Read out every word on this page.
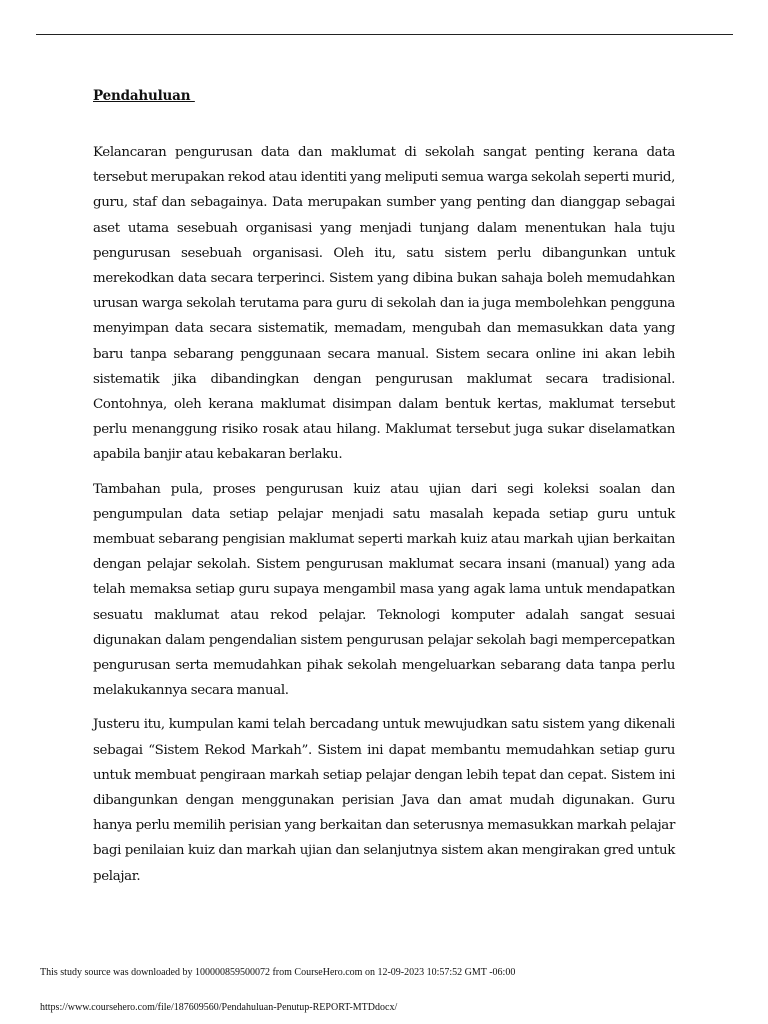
Pendahuluan

Kelancaran pengurusan data dan maklumat di sekolah sangat penting kerana data tersebut merupakan rekod atau identiti yang meliputi semua warga sekolah seperti murid, guru, staf dan sebagainya. Data merupakan sumber yang penting dan dianggap sebagai aset utama sesebuah organisasi yang menjadi tunjang dalam menentukan hala tuju pengurusan sesebuah organisasi. Oleh itu, satu sistem perlu dibangunkan untuk merekodkan data secara terperinci. Sistem yang dibina bukan sahaja boleh memudahkan urusan warga sekolah terutama para guru di sekolah dan ia juga membolehkan pengguna menyimpan data secara sistematik, memadam, mengubah dan memasukkan data yang baru tanpa sebarang penggunaan secara manual. Sistem secara online ini akan lebih sistematik jika dibandingkan dengan pengurusan maklumat secara tradisional. Contohnya, oleh kerana maklumat disimpan dalam bentuk kertas, maklumat tersebut perlu menanggung risiko rosak atau hilang. Maklumat tersebut juga sukar diselamatkan apabila banjir atau kebakaran berlaku.

Tambahan pula, proses pengurusan kuiz atau ujian dari segi koleksi soalan dan pengumpulan data setiap pelajar menjadi satu masalah kepada setiap guru untuk membuat sebarang pengisian maklumat seperti markah kuiz atau markah ujian berkaitan dengan pelajar sekolah. Sistem pengurusan maklumat secara insani (manual) yang ada telah memaksa setiap guru supaya mengambil masa yang agak lama untuk mendapatkan sesuatu maklumat atau rekod pelajar. Teknologi komputer adalah sangat sesuai digunakan dalam pengendalian sistem pengurusan pelajar sekolah bagi mempercepatkan pengurusan serta memudahkan pihak sekolah mengeluarkan sebarang data tanpa perlu melakukannya secara manual.

Justeru itu, kumpulan kami telah bercadang untuk mewujudkan satu sistem yang dikenali sebagai “Sistem Rekod Markah”. Sistem ini dapat membantu memudahkan setiap guru untuk membuat pengiraan markah setiap pelajar dengan lebih tepat dan cepat. Sistem ini dibangunkan dengan menggunakan perisian Java dan amat mudah digunakan. Guru hanya perlu memilih perisian yang berkaitan dan seterusnya memasukkan markah pelajar bagi penilaian kuiz dan markah ujian dan selanjutnya sistem akan mengirakan gred untuk pelajar.

This study source was downloaded by 100000859500072 from CourseHero.com on 12-09-2023 10:57:52 GMT -06:00
https://www.coursehero.com/file/187609560/Pendahuluan-Penutup-REPORT-MTDdocx/
